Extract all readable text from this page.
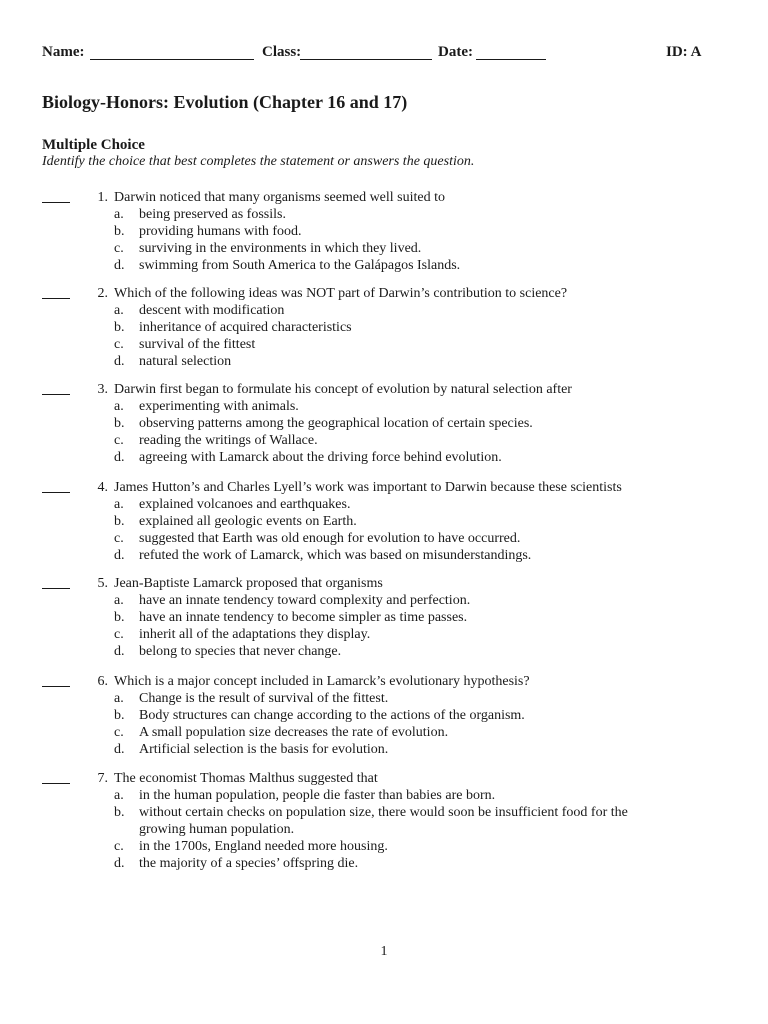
Name:	Class:	Date:	ID: A
Biology-Honors: Evolution (Chapter 16 and 17)
Multiple Choice
Identify the choice that best completes the statement or answers the question.
1. Darwin noticed that many organisms seemed well suited to
a. being preserved as fossils.
b. providing humans with food.
c. surviving in the environments in which they lived.
d. swimming from South America to the Galápagos Islands.
2. Which of the following ideas was NOT part of Darwin’s contribution to science?
a. descent with modification
b. inheritance of acquired characteristics
c. survival of the fittest
d. natural selection
3. Darwin first began to formulate his concept of evolution by natural selection after
a. experimenting with animals.
b. observing patterns among the geographical location of certain species.
c. reading the writings of Wallace.
d. agreeing with Lamarck about the driving force behind evolution.
4. James Hutton’s and Charles Lyell’s work was important to Darwin because these scientists
a. explained volcanoes and earthquakes.
b. explained all geologic events on Earth.
c. suggested that Earth was old enough for evolution to have occurred.
d. refuted the work of Lamarck, which was based on misunderstandings.
5. Jean-Baptiste Lamarck proposed that organisms
a. have an innate tendency toward complexity and perfection.
b. have an innate tendency to become simpler as time passes.
c. inherit all of the adaptations they display.
d. belong to species that never change.
6. Which is a major concept included in Lamarck’s evolutionary hypothesis?
a. Change is the result of survival of the fittest.
b. Body structures can change according to the actions of the organism.
c. A small population size decreases the rate of evolution.
d. Artificial selection is the basis for evolution.
7. The economist Thomas Malthus suggested that
a. in the human population, people die faster than babies are born.
b. without certain checks on population size, there would soon be insufficient food for the growing human population.
c. in the 1700s, England needed more housing.
d. the majority of a species’ offspring die.
1
